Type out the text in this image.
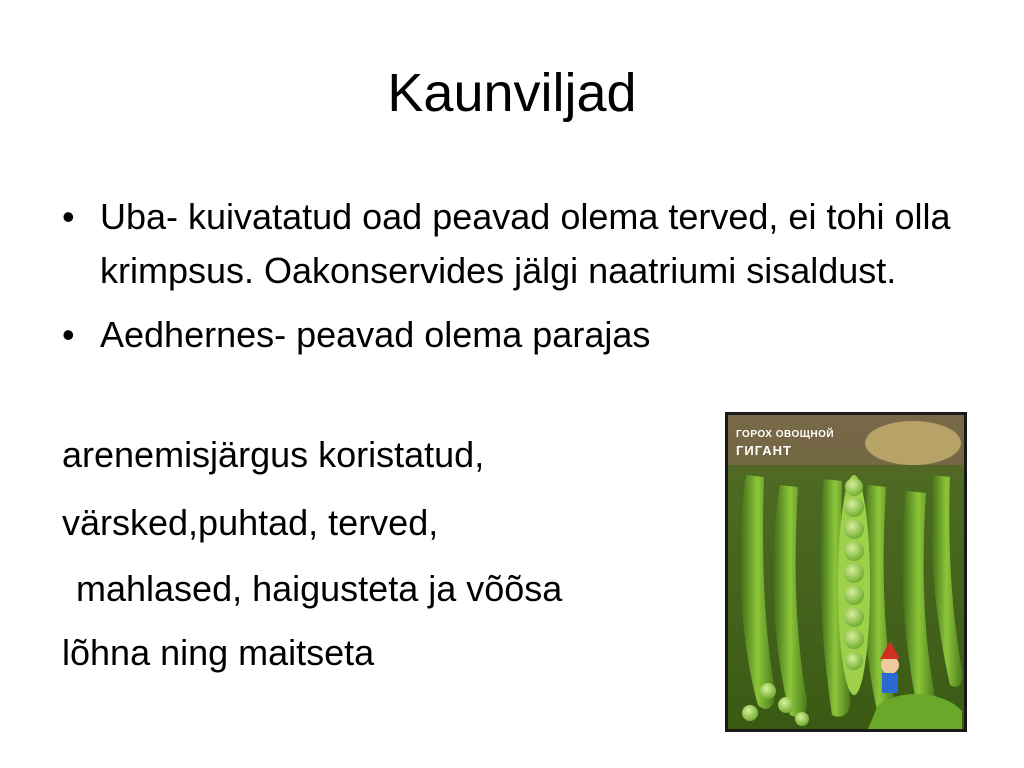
Kaunviljad
• Uba- kuivatatud oad peavad olema terved, ei tohi olla krimpsus. Oakonservides jälgi naatriumi sisaldust.
• Aedhernes- peavad olema parajas
arenemisjärgus koristatud,
värsked,puhtad, terved,
mahlased, haigusteta ja võõsa
lõhna ning maitseta
ГОРОХ ОВОЩНОЙ
ГИГАНТ
